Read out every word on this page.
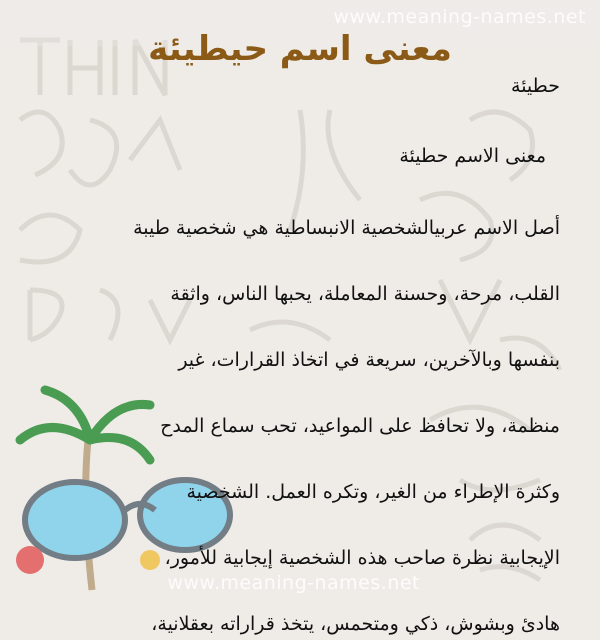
www.meaning-names.net
معنى اسم حيطيئة

حطيئة

معنى الاسم حطيئة

أصل الاسم عربيالشخصية الانبساطية هي شخصية طيبة

القلب، مرحة، وحسنة المعاملة، يحبها الناس، واثقة

بنفسها وبالآخرين، سريعة في اتخاذ القرارات، غير

منظمة، ولا تحافظ على المواعيد، تحب سماع المدح

وكثرة الإطراء من الغير، وتكره العمل. الشخصية

الإيجابية نظرة صاحب هذه الشخصية إيجابية للأمور،

هادئ وبشوش، ذكي ومتحمس، يتخذ قراراته بعقلانية،

www.meaning-names.net
